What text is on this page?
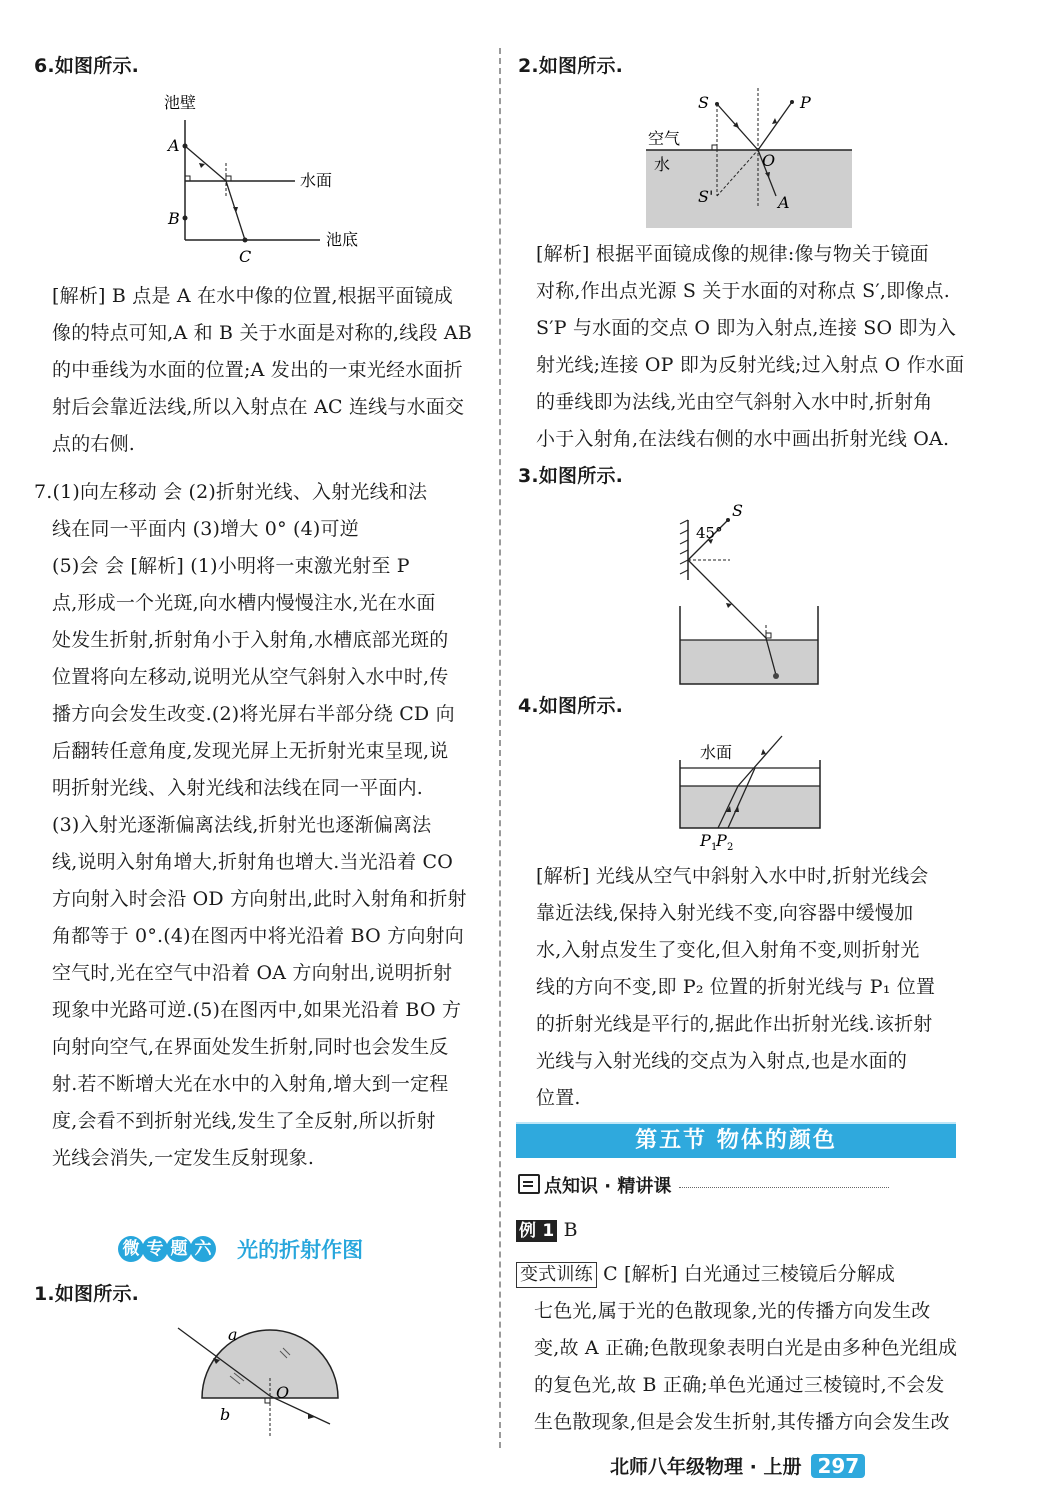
6.如图所示.
池壁
A
B
C
水面
池底
[解析] B 点是 A 在水中像的位置,根据平面镜成
像的特点可知,A 和 B 关于水面是对称的,线段 AB
的中垂线为水面的位置;A 发出的一束光经水面折
射后会靠近法线,所以入射点在 AC 连线与水面交
点的右侧.
7.(1)向左移动 会 (2)折射光线、入射光线和法
线在同一平面内 (3)增大 0° (4)可逆
(5)会 会 [解析] (1)小明将一束激光射至 P
点,形成一个光斑,向水槽内慢慢注水,光在水面
处发生折射,折射角小于入射角,水槽底部光斑的
位置将向左移动,说明光从空气斜射入水中时,传
播方向会发生改变.(2)将光屏右半部分绕 CD 向
后翻转任意角度,发现光屏上无折射光束呈现,说
明折射光线、入射光线和法线在同一平面内.
(3)入射光逐渐偏离法线,折射光也逐渐偏离法
线,说明入射角增大,折射角也增大.当光沿着 CO
方向射入时会沿 OD 方向射出,此时入射角和折射
角都等于 0°.(4)在图丙中将光沿着 BO 方向射向
空气时,光在空气中沿着 OA 方向射出,说明折射
现象中光路可逆.(5)在图丙中,如果光沿着 BO 方
向射向空气,在界面处发生折射,同时也会发生反
射.若不断增大光在水中的入射角,增大到一定程
度,会看不到折射光线,发生了全反射,所以折射
光线会消失,一定发生反射现象.
微 专 题 六 光的折射作图
1.如图所示.
a
b
O
2.如图所示.
S	P
空气
水	O
S'	A
[解析] 根据平面镜成像的规律:像与物关于镜面
对称,作出点光源 S 关于水面的对称点 S′,即像点.
S′P 与水面的交点 O 即为入射点,连接 SO 即为入
射光线;连接 OP 即为反射光线;过入射点 O 作水面
的垂线即为法线,光由空气斜射入水中时,折射角
小于入射角,在法线右侧的水中画出折射光线 OA.
3.如图所示.
S
45°
4.如图所示.
水面
P 1
P 2
[解析] 光线从空气中斜射入水中时,折射光线会
靠近法线,保持入射光线不变,向容器中缓慢加
水,入射点发生了变化,但入射角不变,则折射光
线的方向不变,即 P₂ 位置的折射光线与 P₁ 位置
的折射光线是平行的,据此作出折射光线.该折射
光线与入射光线的交点为入射点,也是水面的
位置.
第五节 物体的颜色
点知识 · 精讲课
例 1 B
变式训练 C [解析] 白光通过三棱镜后分解成
七色光,属于光的色散现象,光的传播方向发生改
变,故 A 正确;色散现象表明白光是由多种色光组成
的复色光,故 B 正确;单色光通过三棱镜时,不会发
生色散现象,但是会发生折射,其传播方向会发生改
北师八年级物理 · 上册 297
